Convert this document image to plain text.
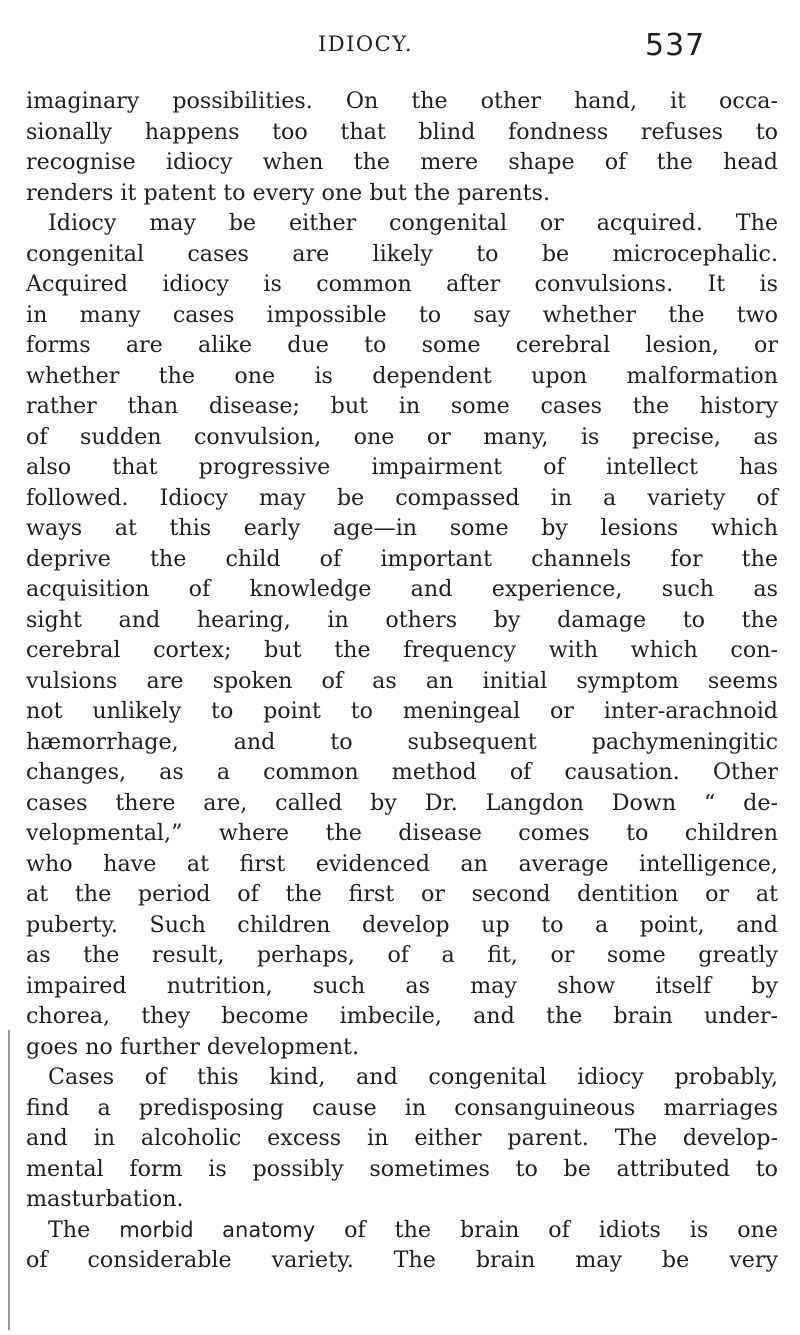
IDIOCY.	537
imaginary possibilities. On the other hand, it occa-
sionally happens too that blind fondness refuses to
recognise idiocy when the mere shape of the head
renders it patent to every one but the parents.
Idiocy may be either congenital or acquired. The
congenital cases are likely to be microcephalic.
Acquired idiocy is common after convulsions. It is
in many cases impossible to say whether the two
forms are alike due to some cerebral lesion, or
whether the one is dependent upon malformation
rather than disease; but in some cases the history
of sudden convulsion, one or many, is precise, as
also that progressive impairment of intellect has
followed. Idiocy may be compassed in a variety of
ways at this early age—in some by lesions which
deprive the child of important channels for the
acquisition of knowledge and experience, such as
sight and hearing, in others by damage to the
cerebral cortex; but the frequency with which con-
vulsions are spoken of as an initial symptom seems
not unlikely to point to meningeal or inter-arachnoid
hæmorrhage, and to subsequent pachymeningitic
changes, as a common method of causation. Other
cases there are, called by Dr. Langdon Down “ de-
velopmental,” where the disease comes to children
who have at first evidenced an average intelligence,
at the period of the first or second dentition or at
puberty. Such children develop up to a point, and
as the result, perhaps, of a fit, or some greatly
impaired nutrition, such as may show itself by
chorea, they become imbecile, and the brain under-
goes no further development.
Cases of this kind, and congenital idiocy probably,
find a predisposing cause in consanguineous marriages
and in alcoholic excess in either parent. The develop-
mental form is possibly sometimes to be attributed to
masturbation.
The morbid anatomy of the brain of idiots is one
of considerable variety. The brain may be very
